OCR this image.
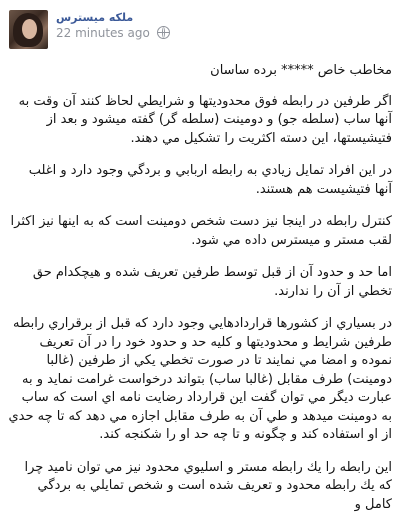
ملکه میسترس
22 minutes ago

مخاطب خاص ***** برده ساسان

اگر طرفين در رابطه فوق محدوديتها و شرايطي لحاظ كنند آن وقت به آنها ساب (سلطه جو) و دومينت (سلطه گر) گفته ميشود و بعد از فتيشيستها، اين دسته اكثريت را تشكيل مي دهند.

در اين افراد تمايل زيادي به رابطه اربابي و بردگي وجود دارد و اغلب آنها فتيشيست هم هستند.

كنترل رابطه در اينجا نيز دست شخص دومينت است كه به اينها نيز اكثرا لقب مستر و ميسترس داده مي شود.

اما حد و حدود آن از قبل توسط طرفين تعريف شده و هيچكدام حق تخطي از آن را ندارند.

در بسياري از كشورها قراردادهايي وجود دارد كه قبل از برقراري رابطه طرفين شرايط و محدوديتها و كليه حد و حدود خود را در آن تعريف نموده و امضا مي نمايند تا در صورت تخطي يكي از طرفين (غالبا دومينت) طرف مقابل (غالبا ساب) بتواند درخواست غرامت نمايد و به عبارت ديگر مي توان گفت اين قرارداد رضايت نامه اي است كه ساب به دومينت ميدهد و طي آن به طرف مقابل اجازه مي دهد كه تا چه حدي از او استفاده كند و چگونه و تا چه حد او را شكنجه كند.

اين رابطه را يك رابطه مستر و اسليوي محدود نيز مي توان ناميد چرا كه يك رابطه محدود و تعريف شده است و شخص تمايلي به بردگي كامل و
